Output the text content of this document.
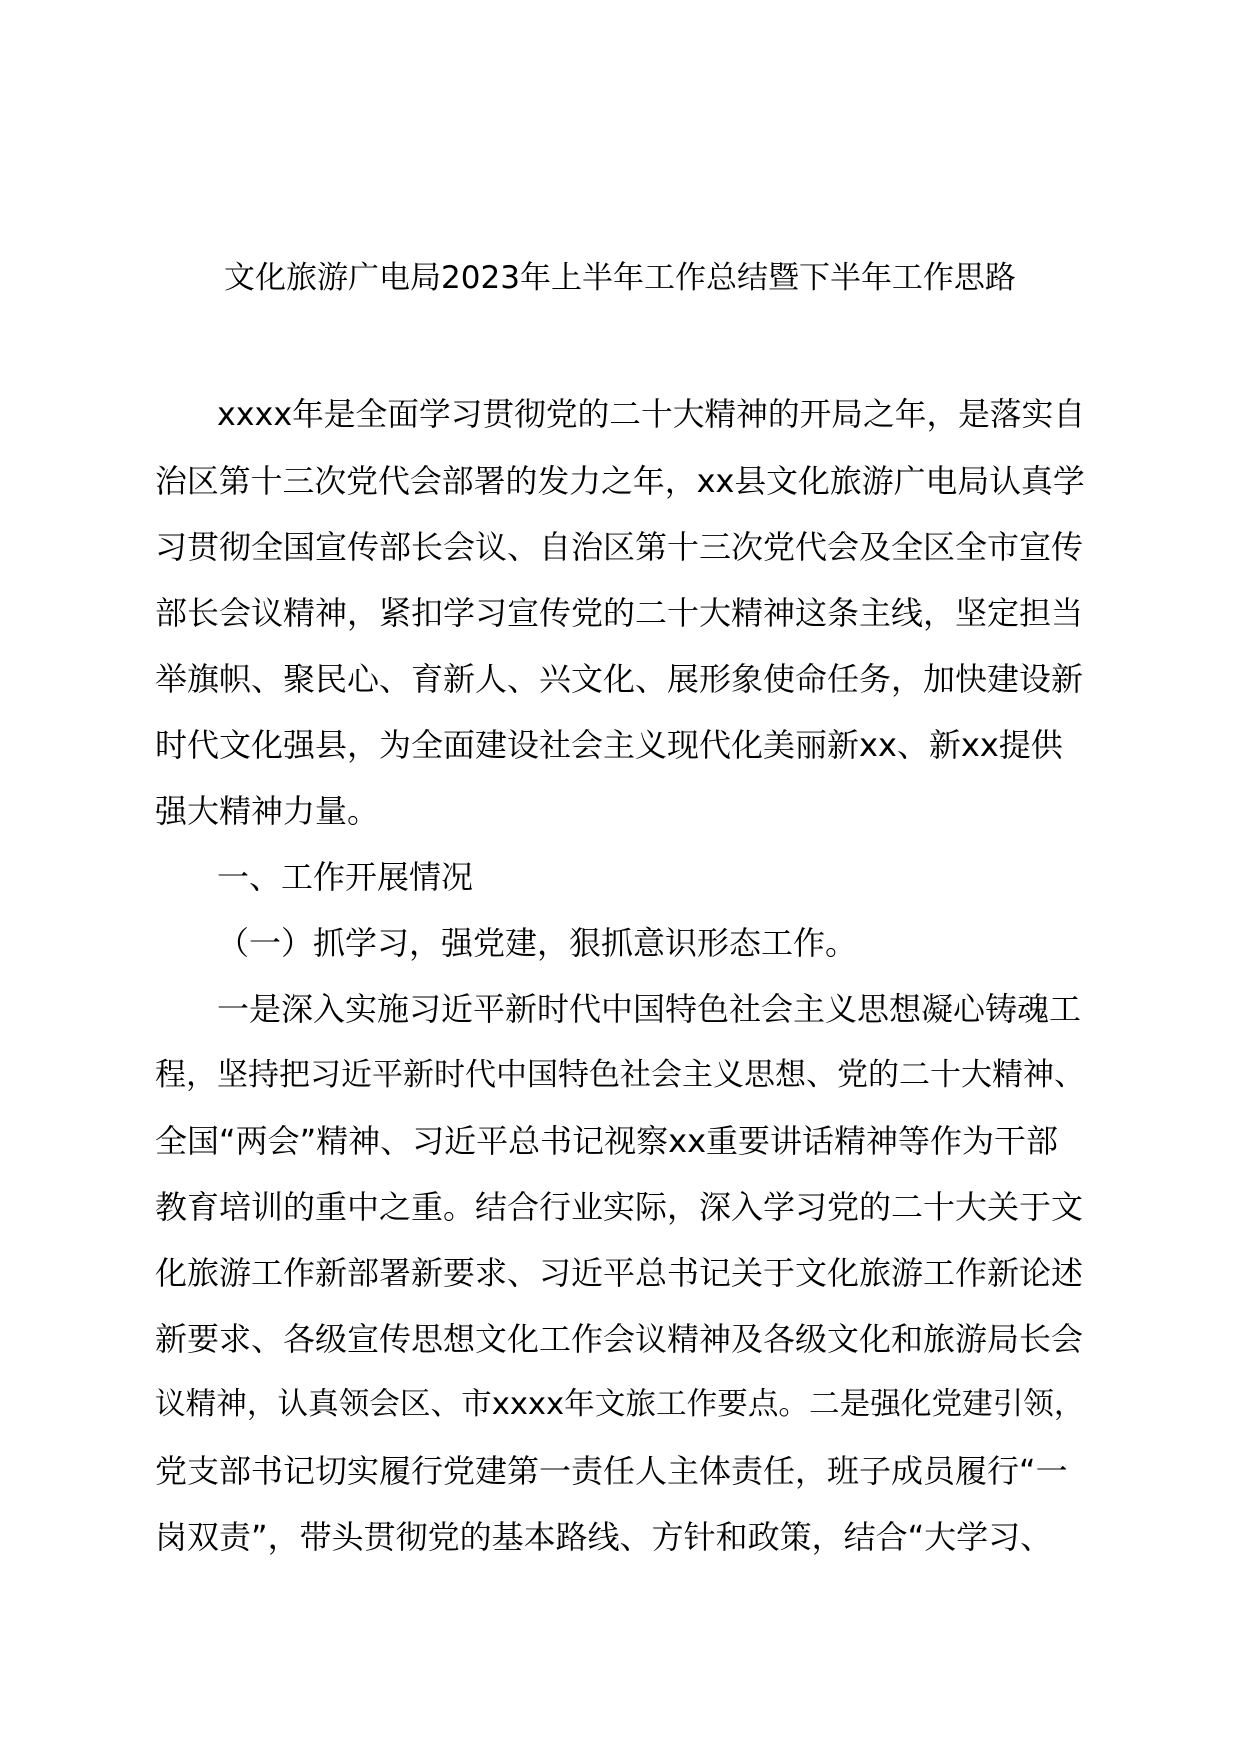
文化旅游广电局2023年上半年工作总结暨下半年工作思路
xxxx年是全面学习贯彻党的二十大精神的开局之年，是落实自
治区第十三次党代会部署的发力之年，xx县文化旅游广电局认真学
习贯彻全国宣传部长会议、自治区第十三次党代会及全区全市宣传
部长会议精神，紧扣学习宣传党的二十大精神这条主线，坚定担当
举旗帜、聚民心、育新人、兴文化、展形象使命任务，加快建设新
时代文化强县，为全面建设社会主义现代化美丽新xx、新xx提供
强大精神力量。
一、工作开展情况
（一）抓学习，强党建，狠抓意识形态工作。
一是深入实施习近平新时代中国特色社会主义思想凝心铸魂工
程，坚持把习近平新时代中国特色社会主义思想、党的二十大精神、
全国“两会”精神、习近平总书记视察xx重要讲话精神等作为干部
教育培训的重中之重。结合行业实际，深入学习党的二十大关于文
化旅游工作新部署新要求、习近平总书记关于文化旅游工作新论述
新要求、各级宣传思想文化工作会议精神及各级文化和旅游局长会
议精神，认真领会区、市xxxx年文旅工作要点。二是强化党建引领，
党支部书记切实履行党建第一责任人主体责任，班子成员履行“一
岗双责”，带头贯彻党的基本路线、方针和政策，结合“大学习、
